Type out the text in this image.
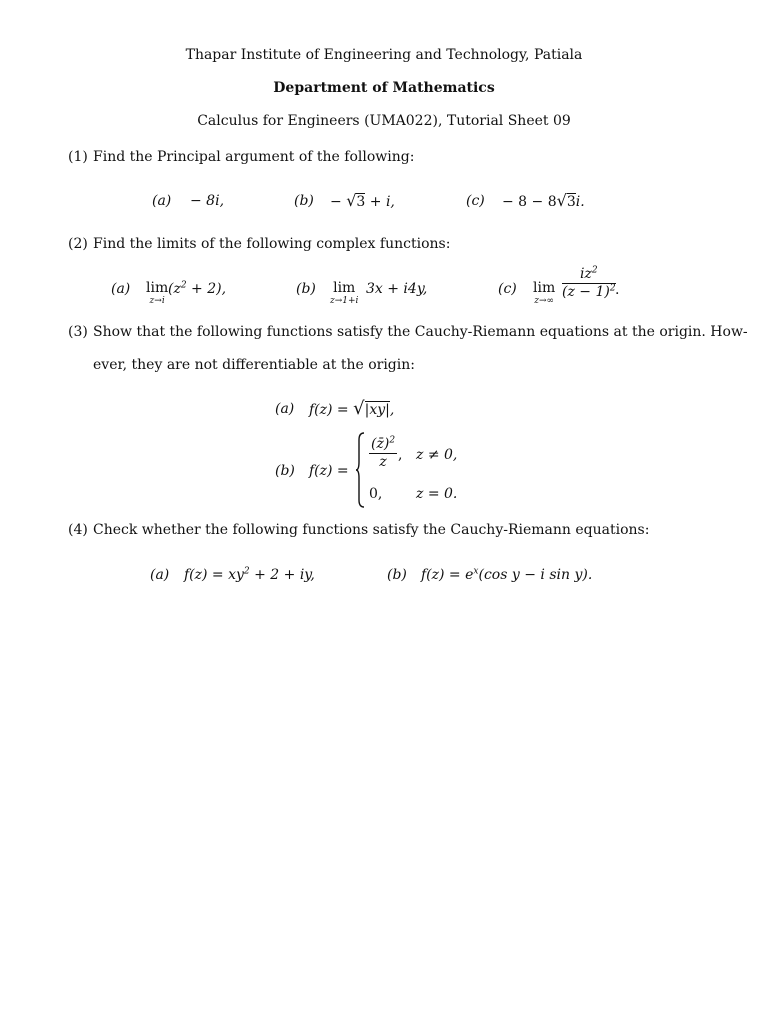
Thapar Institute of Engineering and Technology, Patiala
Department of Mathematics
Calculus for Engineers (UMA022), Tutorial Sheet 09
(1) Find the Principal argument of the following:
(a) − 8i,	(b) − √3 + i,	(c) − 8 − 8√3i.
(2) Find the limits of the following complex functions:
(a) lim
z→i
$(z^2 + 2)$,	(b) lim
z→1+i
3x + i4y,	(c) lim
$z\to\infty \frac{iz^2}{(z - 1)^2}$ .
(3) Show that the following functions satisfy the Cauchy-Riemann equations at the origin. How-
ever, they are not differentiable at the origin:
(a) f(z) = √|xy|,
(b) $f(z) = \frac{(z̄)^2}{z}$ , z ≠ 0,
0, z = 0.
(4) Check whether the following functions satisfy the Cauchy-Riemann equations:
(a) $f(z) = xy^2 + 2$ + iy,	(b) $f(z) = e^x(\cos$ y − i sin y).
